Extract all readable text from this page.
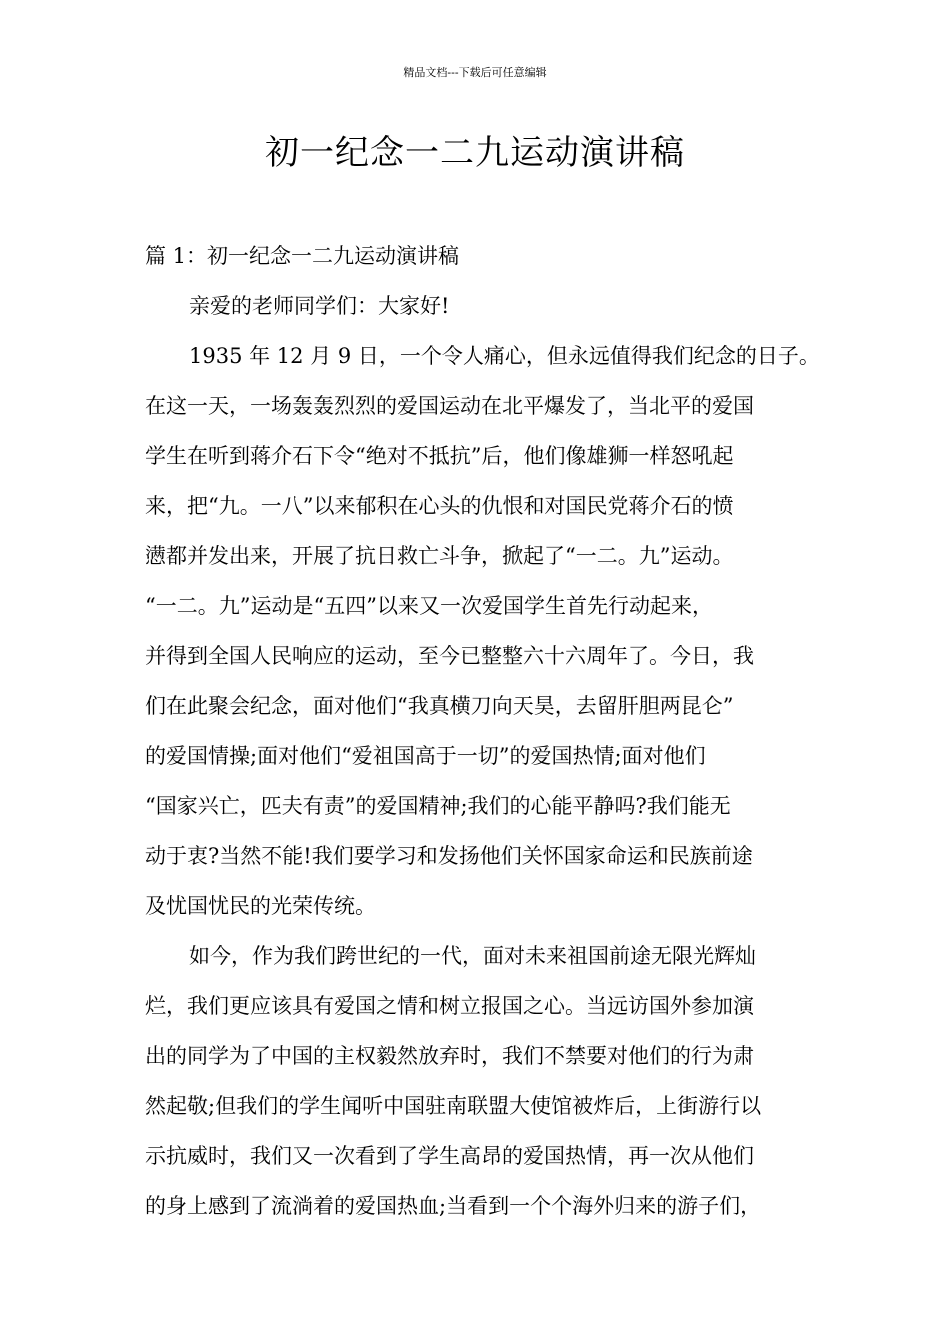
精品文档---下载后可任意编辑
初一纪念一二九运动演讲稿

篇 1：初一纪念一二九运动演讲稿

亲爱的老师同学们：大家好!

1935 年 12 月 9 日，一个令人痛心，但永远值得我们纪念的日子。
在这一天，一场轰轰烈烈的爱国运动在北平爆发了，当北平的爱国
学生在听到蒋介石下令“绝对不抵抗”后，他们像雄狮一样怒吼起
来，把“九。一八”以来郁积在心头的仇恨和对国民党蒋介石的愤
懑都并发出来，开展了抗日救亡斗争，掀起了“一二。九”运动。
“一二。九”运动是“五四”以来又一次爱国学生首先行动起来，
并得到全国人民响应的运动，至今已整整六十六周年了。今日，我
们在此聚会纪念，面对他们“我真横刀向天昊，去留肝胆两昆仑”
的爱国情操;面对他们“爱祖国高于一切”的爱国热情;面对他们
“国家兴亡，匹夫有责”的爱国精神;我们的心能平静吗?我们能无
动于衷?当然不能!我们要学习和发扬他们关怀国家命运和民族前途
及忧国忧民的光荣传统。

如今，作为我们跨世纪的一代，面对未来祖国前途无限光辉灿
烂，我们更应该具有爱国之情和树立报国之心。当远访国外参加演
出的同学为了中国的主权毅然放弃时，我们不禁要对他们的行为肃
然起敬;但我们的学生闻听中国驻南联盟大使馆被炸后，上街游行以
示抗威时，我们又一次看到了学生高昂的爱国热情，再一次从他们
的身上感到了流淌着的爱国热血;当看到一个个海外归来的游子们，
